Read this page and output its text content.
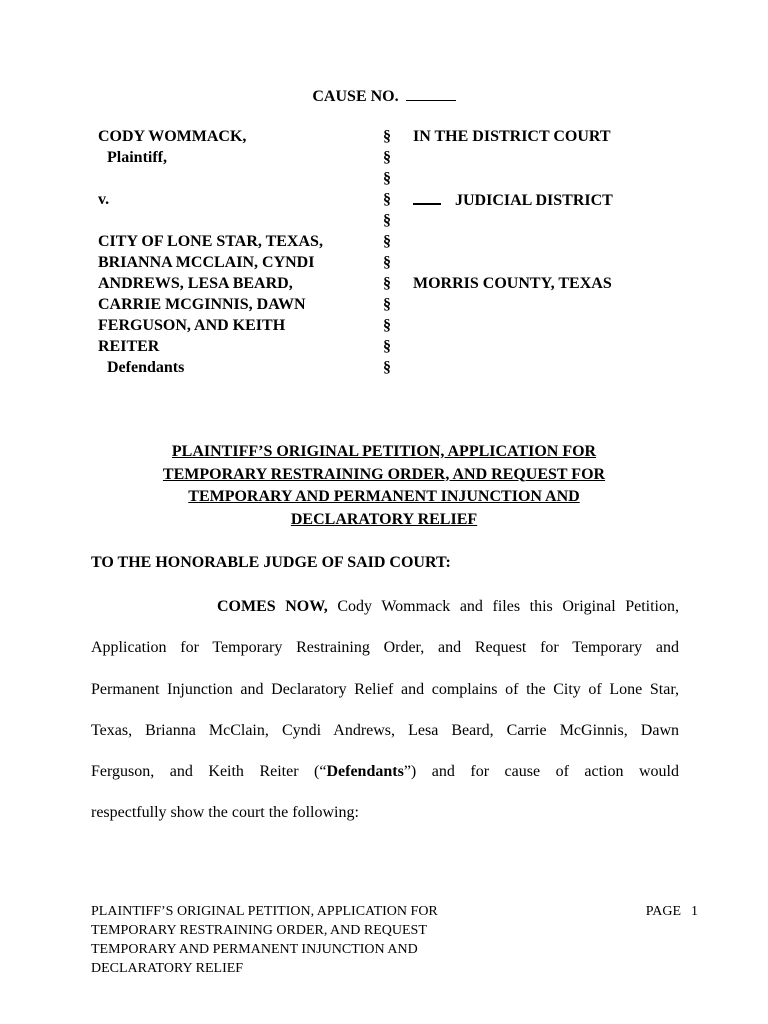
CAUSE NO.
CODY WOMMACK,
Plaintiff,
v.
CITY OF LONE STAR, TEXAS,
BRIANNA MCCLAIN, CYNDI
ANDREWS, LESA BEARD,
CARRIE MCGINNIS, DAWN
FERGUSON, AND KEITH
REITER
Defendants
§
§
§
§
§
§
§
§
§
§
§
§
IN THE DISTRICT COURT
JUDICIAL DISTRICT
MORRIS COUNTY, TEXAS
PLAINTIFF’S ORIGINAL PETITION, APPLICATION FOR
TEMPORARY RESTRAINING ORDER, AND REQUEST FOR
TEMPORARY AND PERMANENT INJUNCTION AND
DECLARATORY RELIEF
TO THE HONORABLE JUDGE OF SAID COURT:
COMES NOW, Cody Wommack and files this Original Petition,
Application for Temporary Restraining Order, and Request for Temporary and
Permanent Injunction and Declaratory Relief and complains of the City of Lone Star,
Texas, Brianna McClain, Cyndi Andrews, Lesa Beard, Carrie McGinnis, Dawn
Ferguson, and Keith Reiter (“Defendants”) and for cause of action would
respectfully show the court the following:
PLAINTIFF’S ORIGINAL PETITION, APPLICATION FOR
TEMPORARY RESTRAINING ORDER, AND REQUEST
TEMPORARY AND PERMANENT INJUNCTION AND
DECLARATORY RELIEF
PAGE 1
